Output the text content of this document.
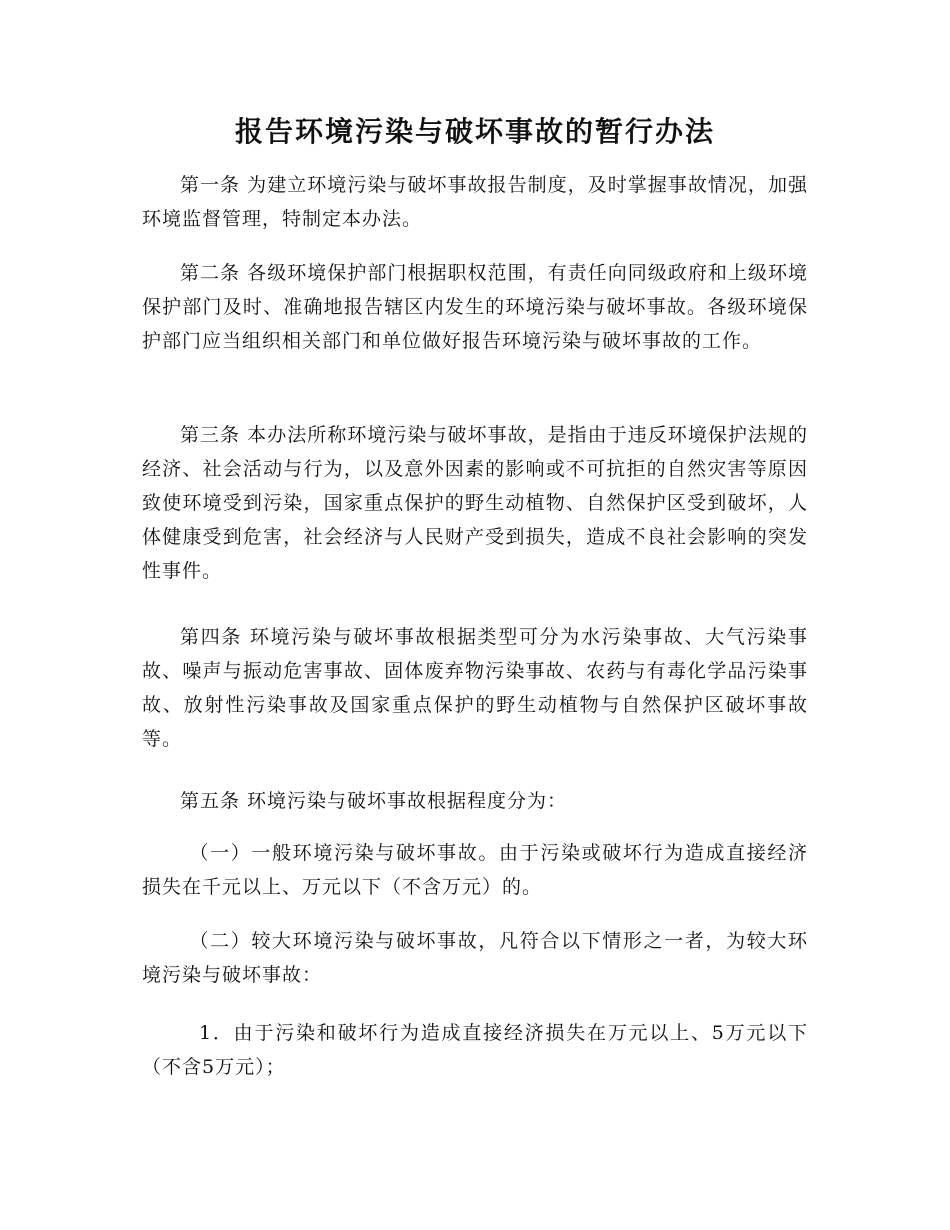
报告环境污染与破坏事故的暂行办法

第一条 为建立环境污染与破坏事故报告制度，及时掌握事故情况，加强环境监督管理，特制定本办法。

第二条 各级环境保护部门根据职权范围，有责任向同级政府和上级环境保护部门及时、准确地报告辖区内发生的环境污染与破坏事故。各级环境保护部门应当组织相关部门和单位做好报告环境污染与破坏事故的工作。

第三条 本办法所称环境污染与破坏事故，是指由于违反环境保护法规的经济、社会活动与行为，以及意外因素的影响或不可抗拒的自然灾害等原因致使环境受到污染，国家重点保护的野生动植物、自然保护区受到破坏，人体健康受到危害，社会经济与人民财产受到损失，造成不良社会影响的突发性事件。

第四条 环境污染与破坏事故根据类型可分为水污染事故、大气污染事故、噪声与振动危害事故、固体废弃物污染事故、农药与有毒化学品污染事故、放射性污染事故及国家重点保护的野生动植物与自然保护区破坏事故等。

第五条 环境污染与破坏事故根据程度分为：

（一）一般环境污染与破坏事故。由于污染或破坏行为造成直接经济损失在千元以上、万元以下（不含万元）的。

（二）较大环境污染与破坏事故，凡符合以下情形之一者，为较大环境污染与破坏事故：

1．由于污染和破坏行为造成直接经济损失在万元以上、5万元以下（不含5万元）；
